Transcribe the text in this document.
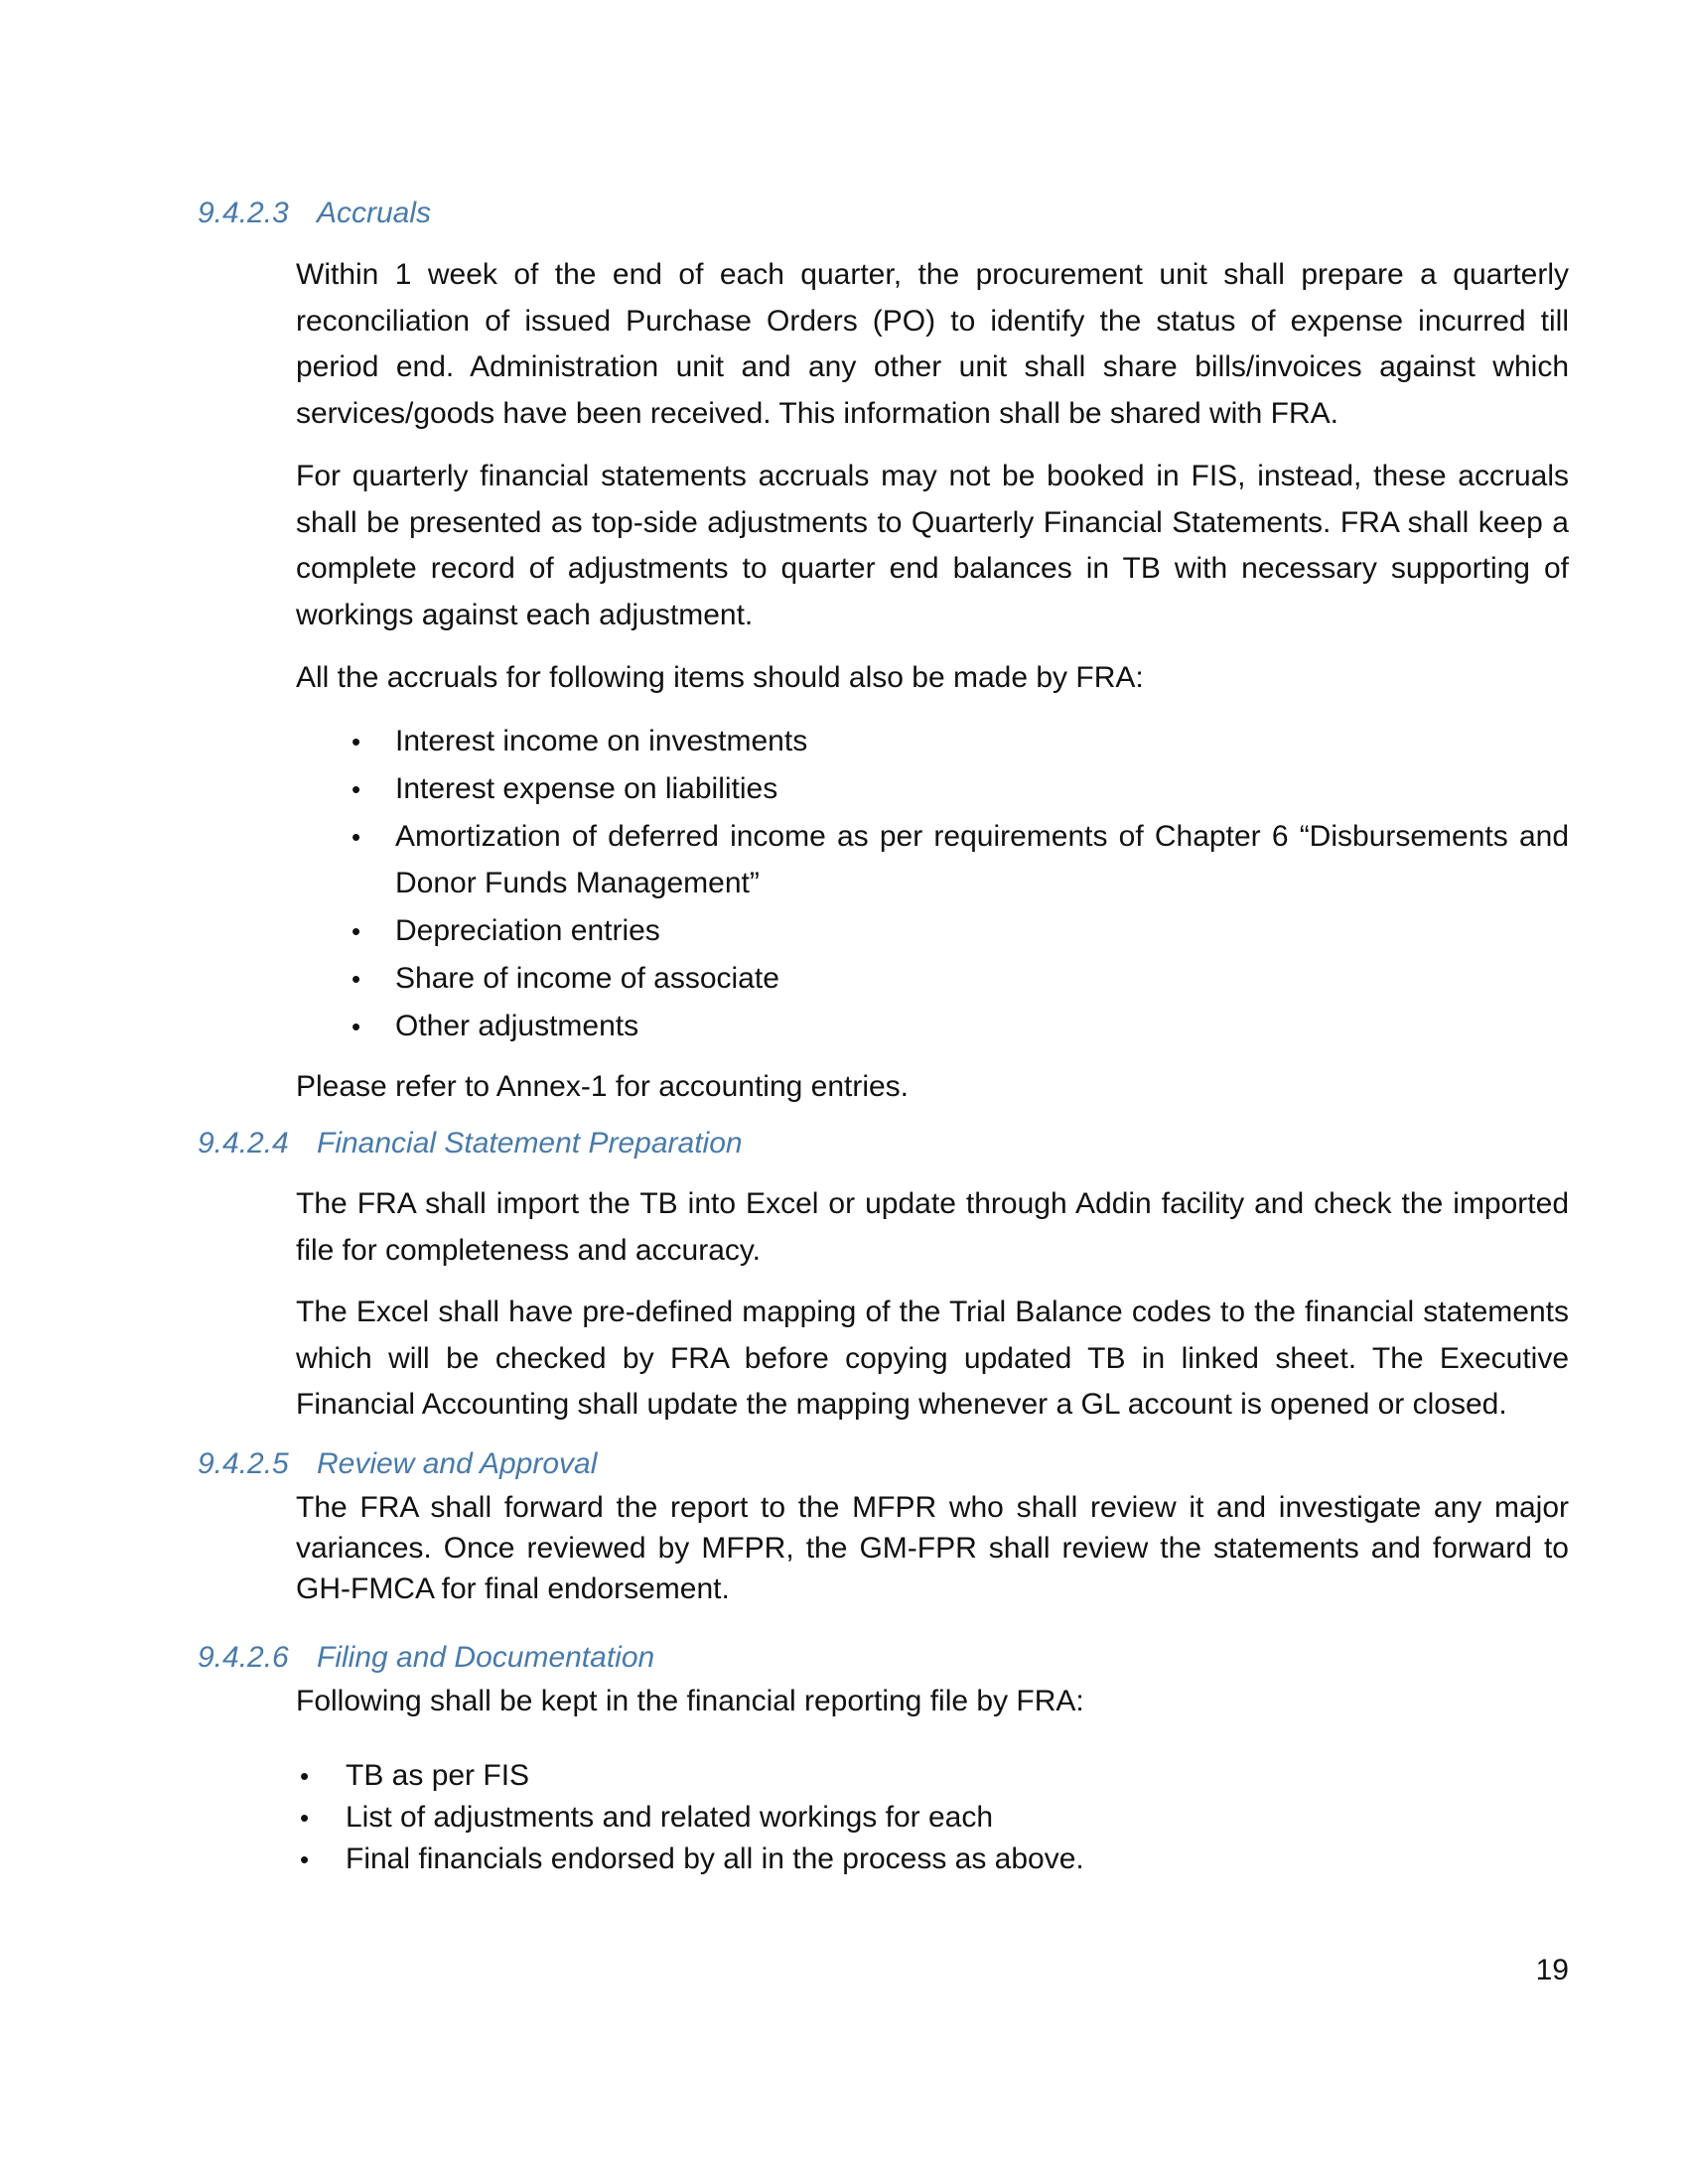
9.4.2.3 Accruals

Within 1 week of the end of each quarter, the procurement unit shall prepare a quarterly reconciliation of issued Purchase Orders (PO) to identify the status of expense incurred till period end. Administration unit and any other unit shall share bills/invoices against which services/goods have been received. This information shall be shared with FRA.

For quarterly financial statements accruals may not be booked in FIS, instead, these accruals shall be presented as top-side adjustments to Quarterly Financial Statements. FRA shall keep a complete record of adjustments to quarter end balances in TB with necessary supporting of workings against each adjustment.

All the accruals for following items should also be made by FRA:

• Interest income on investments
• Interest expense on liabilities
• Amortization of deferred income as per requirements of Chapter 6 “Disbursements and Donor Funds Management”
• Depreciation entries
• Share of income of associate
• Other adjustments

Please refer to Annex-1 for accounting entries.

9.4.2.4 Financial Statement Preparation

The FRA shall import the TB into Excel or update through Addin facility and check the imported file for completeness and accuracy.

The Excel shall have pre-defined mapping of the Trial Balance codes to the financial statements which will be checked by FRA before copying updated TB in linked sheet. The Executive Financial Accounting shall update the mapping whenever a GL account is opened or closed.

9.4.2.5 Review and Approval

The FRA shall forward the report to the MFPR who shall review it and investigate any major variances. Once reviewed by MFPR, the GM-FPR shall review the statements and forward to GH-FMCA for final endorsement.

9.4.2.6 Filing and Documentation

Following shall be kept in the financial reporting file by FRA:

• TB as per FIS
• List of adjustments and related workings for each
• Final financials endorsed by all in the process as above.
19
